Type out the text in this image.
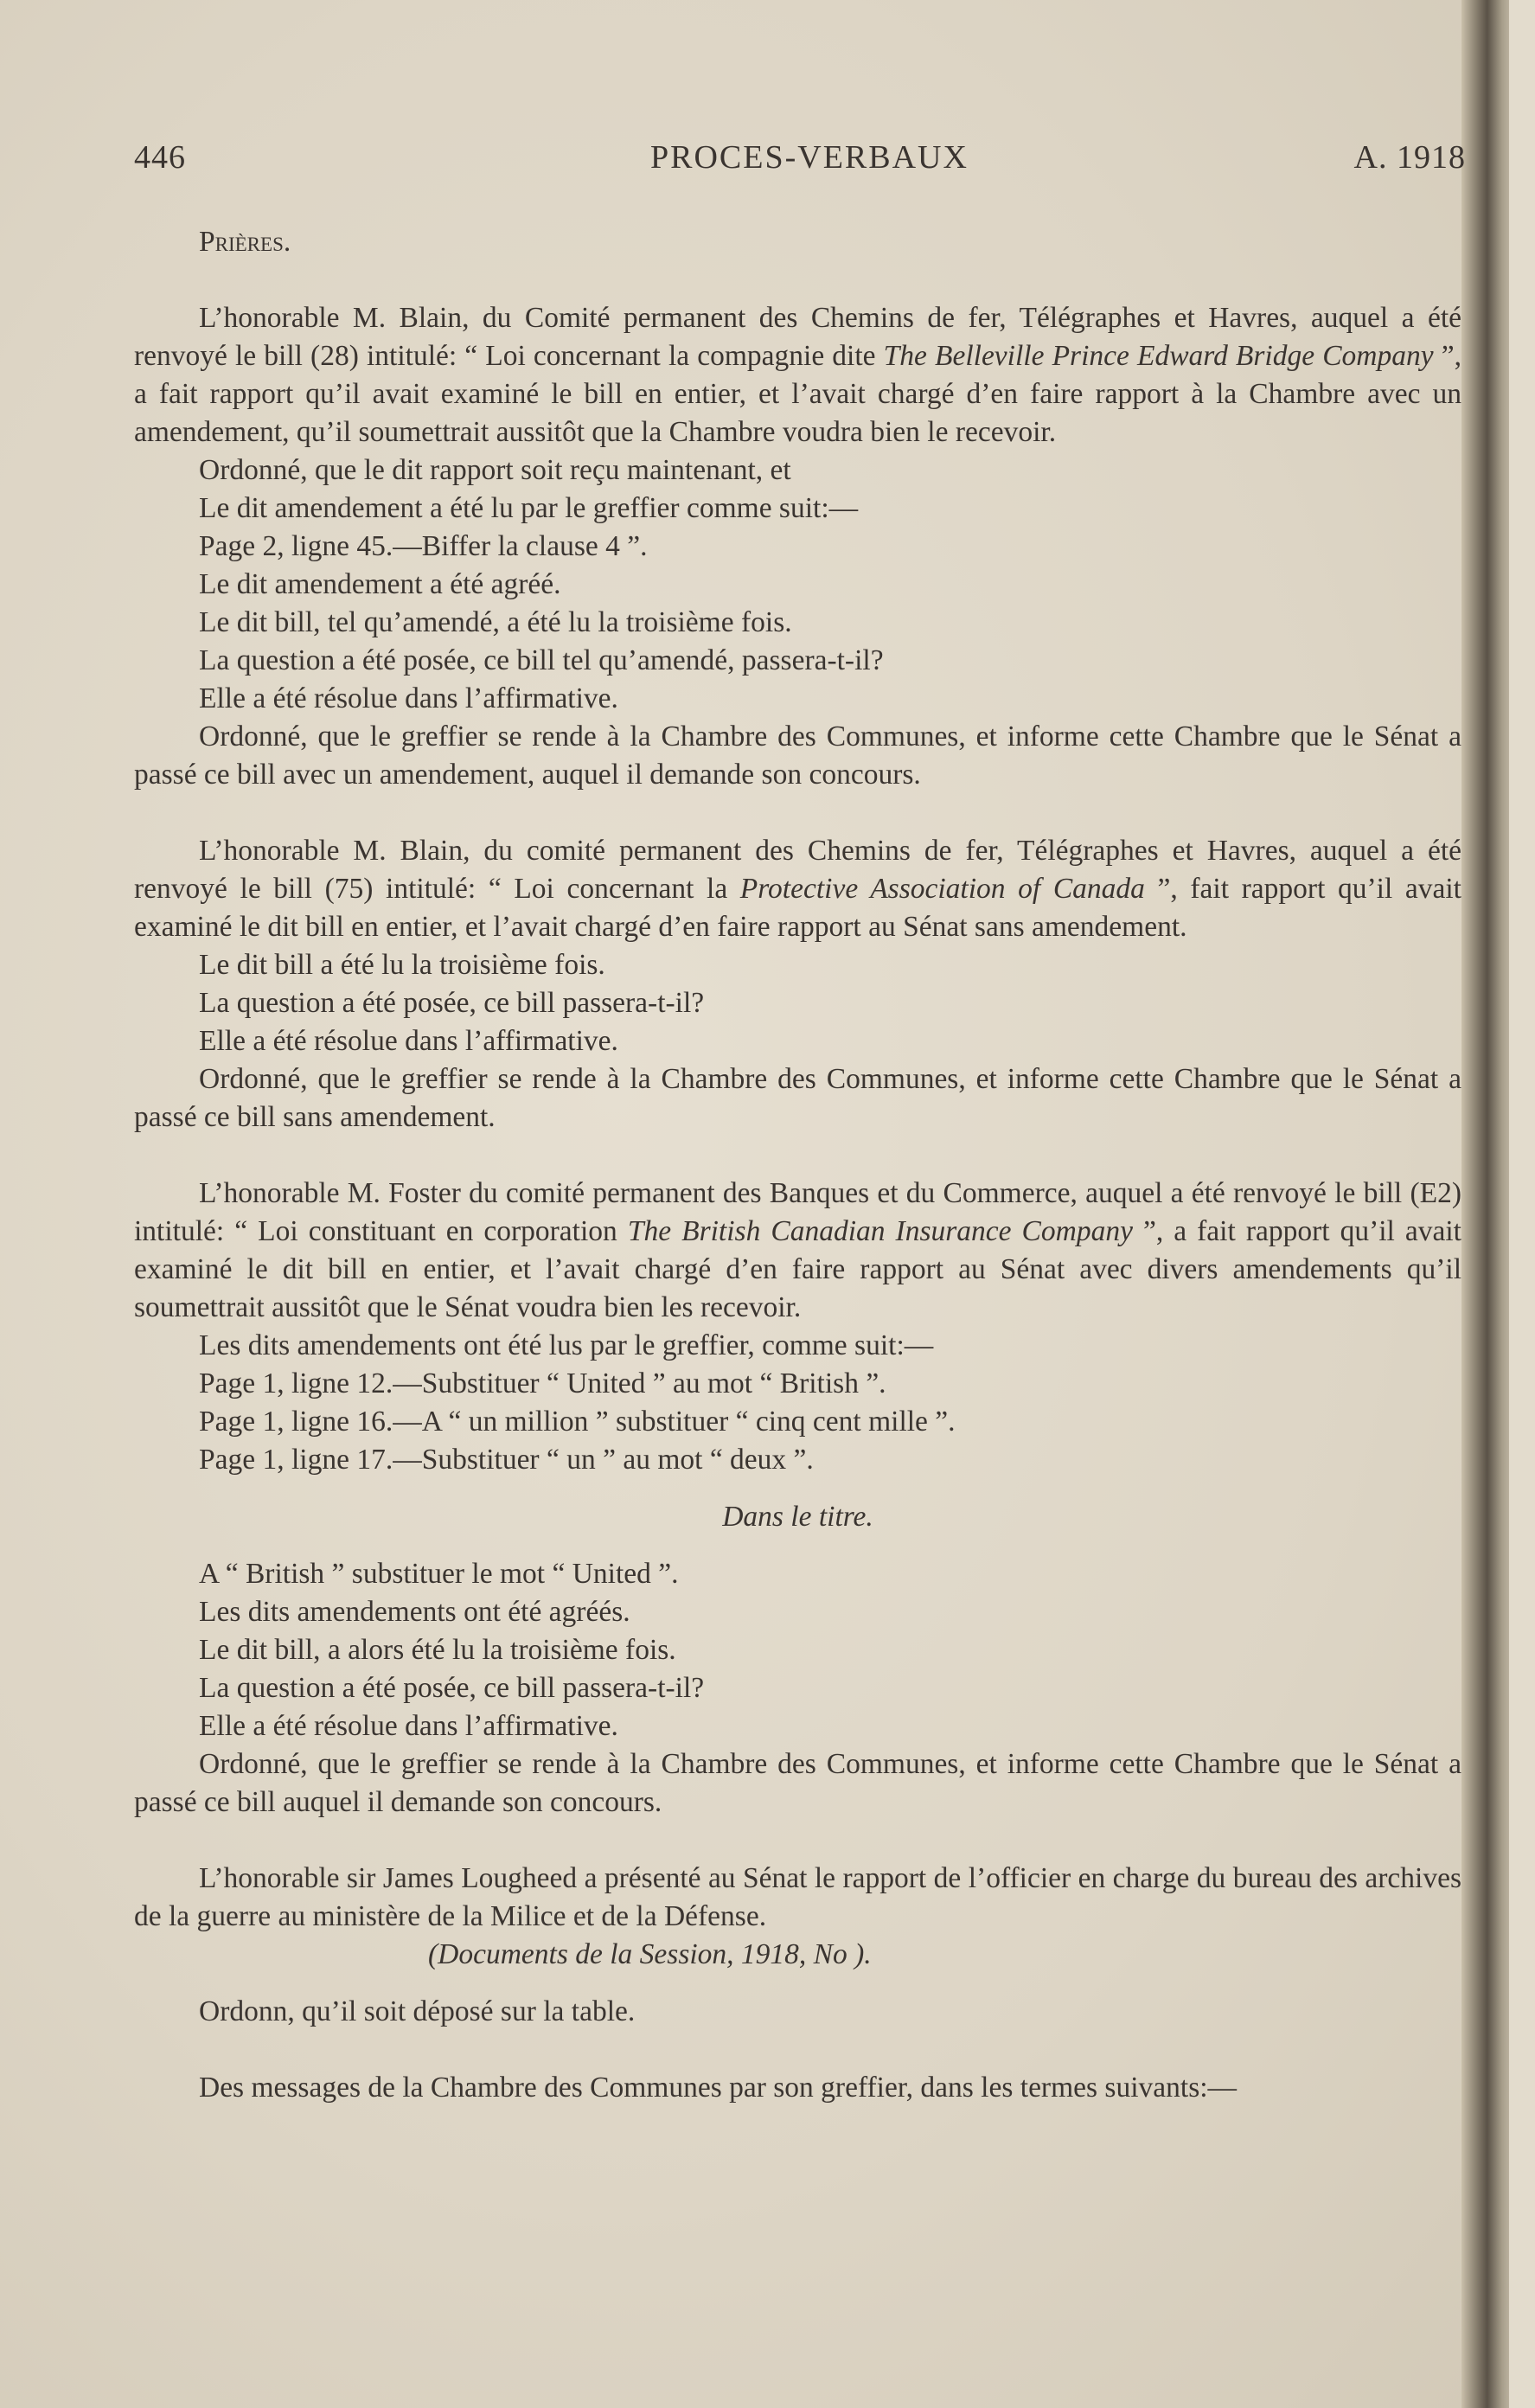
446	PROCES-VERBAUX	A. 1918

Prières.

L’honorable M. Blain, du Comité permanent des Chemins de fer, Télégraphes et Havres, auquel a été renvoyé le bill (28) intitulé: “ Loi concernant la compagnie dite The Belleville Prince Edward Bridge Company ”, a fait rapport qu’il avait examiné le bill en entier, et l’avait chargé d’en faire rapport à la Chambre avec un amendement, qu’il soumettrait aussitôt que la Chambre voudra bien le recevoir.

Ordonné, que le dit rapport soit reçu maintenant, et

Le dit amendement a été lu par le greffier comme suit:—

Page 2, ligne 45.—Biffer la clause 4 ”.

Le dit amendement a été agréé.

Le dit bill, tel qu’amendé, a été lu la troisième fois.

La question a été posée, ce bill tel qu’amendé, passera-t-il?

Elle a été résolue dans l’affirmative.

Ordonné, que le greffier se rende à la Chambre des Communes, et informe cette Chambre que le Sénat a passé ce bill avec un amendement, auquel il demande son concours.

L’honorable M. Blain, du comité permanent des Chemins de fer, Télégraphes et Havres, auquel a été renvoyé le bill (75) intitulé: “ Loi concernant la Protective Association of Canada ”, fait rapport qu’il avait examiné le dit bill en entier, et l’avait chargé d’en faire rapport au Sénat sans amendement.

Le dit bill a été lu la troisième fois.

La question a été posée, ce bill passera-t-il?

Elle a été résolue dans l’affirmative.

Ordonné, que le greffier se rende à la Chambre des Communes, et informe cette Chambre que le Sénat a passé ce bill sans amendement.

L’honorable M. Foster du comité permanent des Banques et du Commerce, auquel a été renvoyé le bill (E2) intitulé: “ Loi constituant en corporation The British Canadian Insurance Company ”, a fait rapport qu’il avait examiné le dit bill en entier, et l’avait chargé d’en faire rapport au Sénat avec divers amendements qu’il soumettrait aussitôt que le Sénat voudra bien les recevoir.

Les dits amendements ont été lus par le greffier, comme suit:—

Page 1, ligne 12.—Substituer “ United ” au mot “ British ”.

Page 1, ligne 16.—A “ un million ” substituer “ cinq cent mille ”.

Page 1, ligne 17.—Substituer “ un ” au mot “ deux ”.

Dans le titre.

A “ British ” substituer le mot “ United ”.

Les dits amendements ont été agréés.

Le dit bill, a alors été lu la troisième fois.

La question a été posée, ce bill passera-t-il?

Elle a été résolue dans l’affirmative.

Ordonné, que le greffier se rende à la Chambre des Communes, et informe cette Chambre que le Sénat a passé ce bill auquel il demande son concours.

L’honorable sir James Lougheed a présenté au Sénat le rapport de l’officier en charge du bureau des archives de la guerre au ministère de la Milice et de la Défense.

(Documents de la Session, 1918, No ).

Ordonn, qu’il soit déposé sur la table.

Des messages de la Chambre des Communes par son greffier, dans les termes suivants:—
